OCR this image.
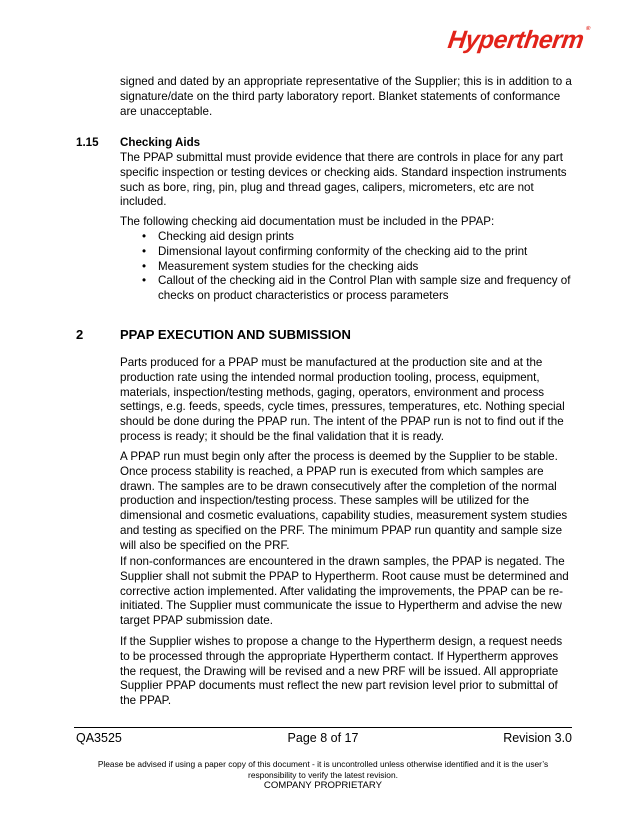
Hypertherm®

signed and dated by an appropriate representative of the Supplier; this is in addition to a signature/date on the third party laboratory report. Blanket statements of conformance are unacceptable.

1.15 Checking Aids

The PPAP submittal must provide evidence that there are controls in place for any part specific inspection or testing devices or checking aids. Standard inspection instruments such as bore, ring, pin, plug and thread gages, calipers, micrometers, etc are not included.

The following checking aid documentation must be included in the PPAP:

• Checking aid design prints
• Dimensional layout confirming conformity of the checking aid to the print
• Measurement system studies for the checking aids
• Callout of the checking aid in the Control Plan with sample size and frequency of checks on product characteristics or process parameters
2	PPAP EXECUTION AND SUBMISSION

Parts produced for a PPAP must be manufactured at the production site and at the production rate using the intended normal production tooling, process, equipment, materials, inspection/testing methods, gaging, operators, environment and process settings, e.g. feeds, speeds, cycle times, pressures, temperatures, etc. Nothing special should be done during the PPAP run. The intent of the PPAP run is not to find out if the process is ready; it should be the final validation that it is ready.

A PPAP run must begin only after the process is deemed by the Supplier to be stable. Once process stability is reached, a PPAP run is executed from which samples are drawn. The samples are to be drawn consecutively after the completion of the normal production and inspection/testing process. These samples will be utilized for the dimensional and cosmetic evaluations, capability studies, measurement system studies and testing as specified on the PRF. The minimum PPAP run quantity and sample size will also be specified on the PRF.

If non-conformances are encountered in the drawn samples, the PPAP is negated. The Supplier shall not submit the PPAP to Hypertherm. Root cause must be determined and corrective action implemented. After validating the improvements, the PPAP can be re-initiated. The Supplier must communicate the issue to Hypertherm and advise the new target PPAP submission date.

If the Supplier wishes to propose a change to the Hypertherm design, a request needs to be processed through the appropriate Hypertherm contact. If Hypertherm approves the request, the Drawing will be revised and a new PRF will be issued. All appropriate Supplier PPAP documents must reflect the new part revision level prior to submittal of the PPAP.

Page 8 of 17
QA3525	Revision 3.0
Please be advised if using a paper copy of this document - it is uncontrolled unless otherwise identified and it is the user’s responsibility to verify the latest revision.
COMPANY PROPRIETARY
